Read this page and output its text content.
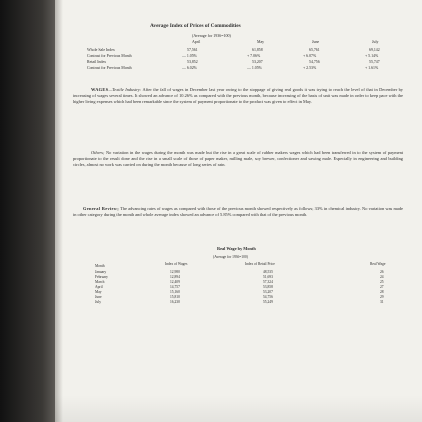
Average Index of Prices of Commodities
(Average for 1936=100)
April	May	June	July
Whole Sale Index	57,561	61,858	65,761	69,142
Contrast for Previous Month	— 1.05%	+ 7.06%	+ 6.07%	+ 5.14%
Retail Index	53,852	53,207	54,756	55,747
Contrast for Previous Month	— 6.02%	— 1.05%	+ 2.53%	+ 1.61%

WAGES—Textile Industry: After the fall of wages in December last year owing to the stoppage of giving real goods it was trying to reach the level of that in December by increasing of wages several times. It showed an advance of 10.26% as compared with the previous month, because increasing of the basis of unit was made in order to keep pace with the higher living expenses which had been remarkable since the system of payment proportionate to the product was given to effect in May.

Others; No variation in the wages during the month was made but the rise in a great scale of rubber makers wages which had been transferred in to the system of payment proportionate to the result done and the rise in a small scale of those of paper maker, milling male, soy brewer, confectioner and sawing male. Especially in engineering and building circles, almost no work was carried on during the month because of long series of rain.

General Review; The advancing rates of wages as compared with those of the previous month showed respectively as follows; 33% in chemical industry. No variation was made in other category during the month and whole average index showed an advance of 5.85% compared with that of the previous month.

Real Wage by Month
(Average for 1936=100)
Month	Index of Wages	Index of Retail Price	Real Wage
January	12,980	48,535	26
February	12,894	51,693	24
March	12,409	57,324	25
April	14,757	53,858	27
May	15,160	53,207	28
June	15,810	54,756	29
July	16,230	55,249	31
